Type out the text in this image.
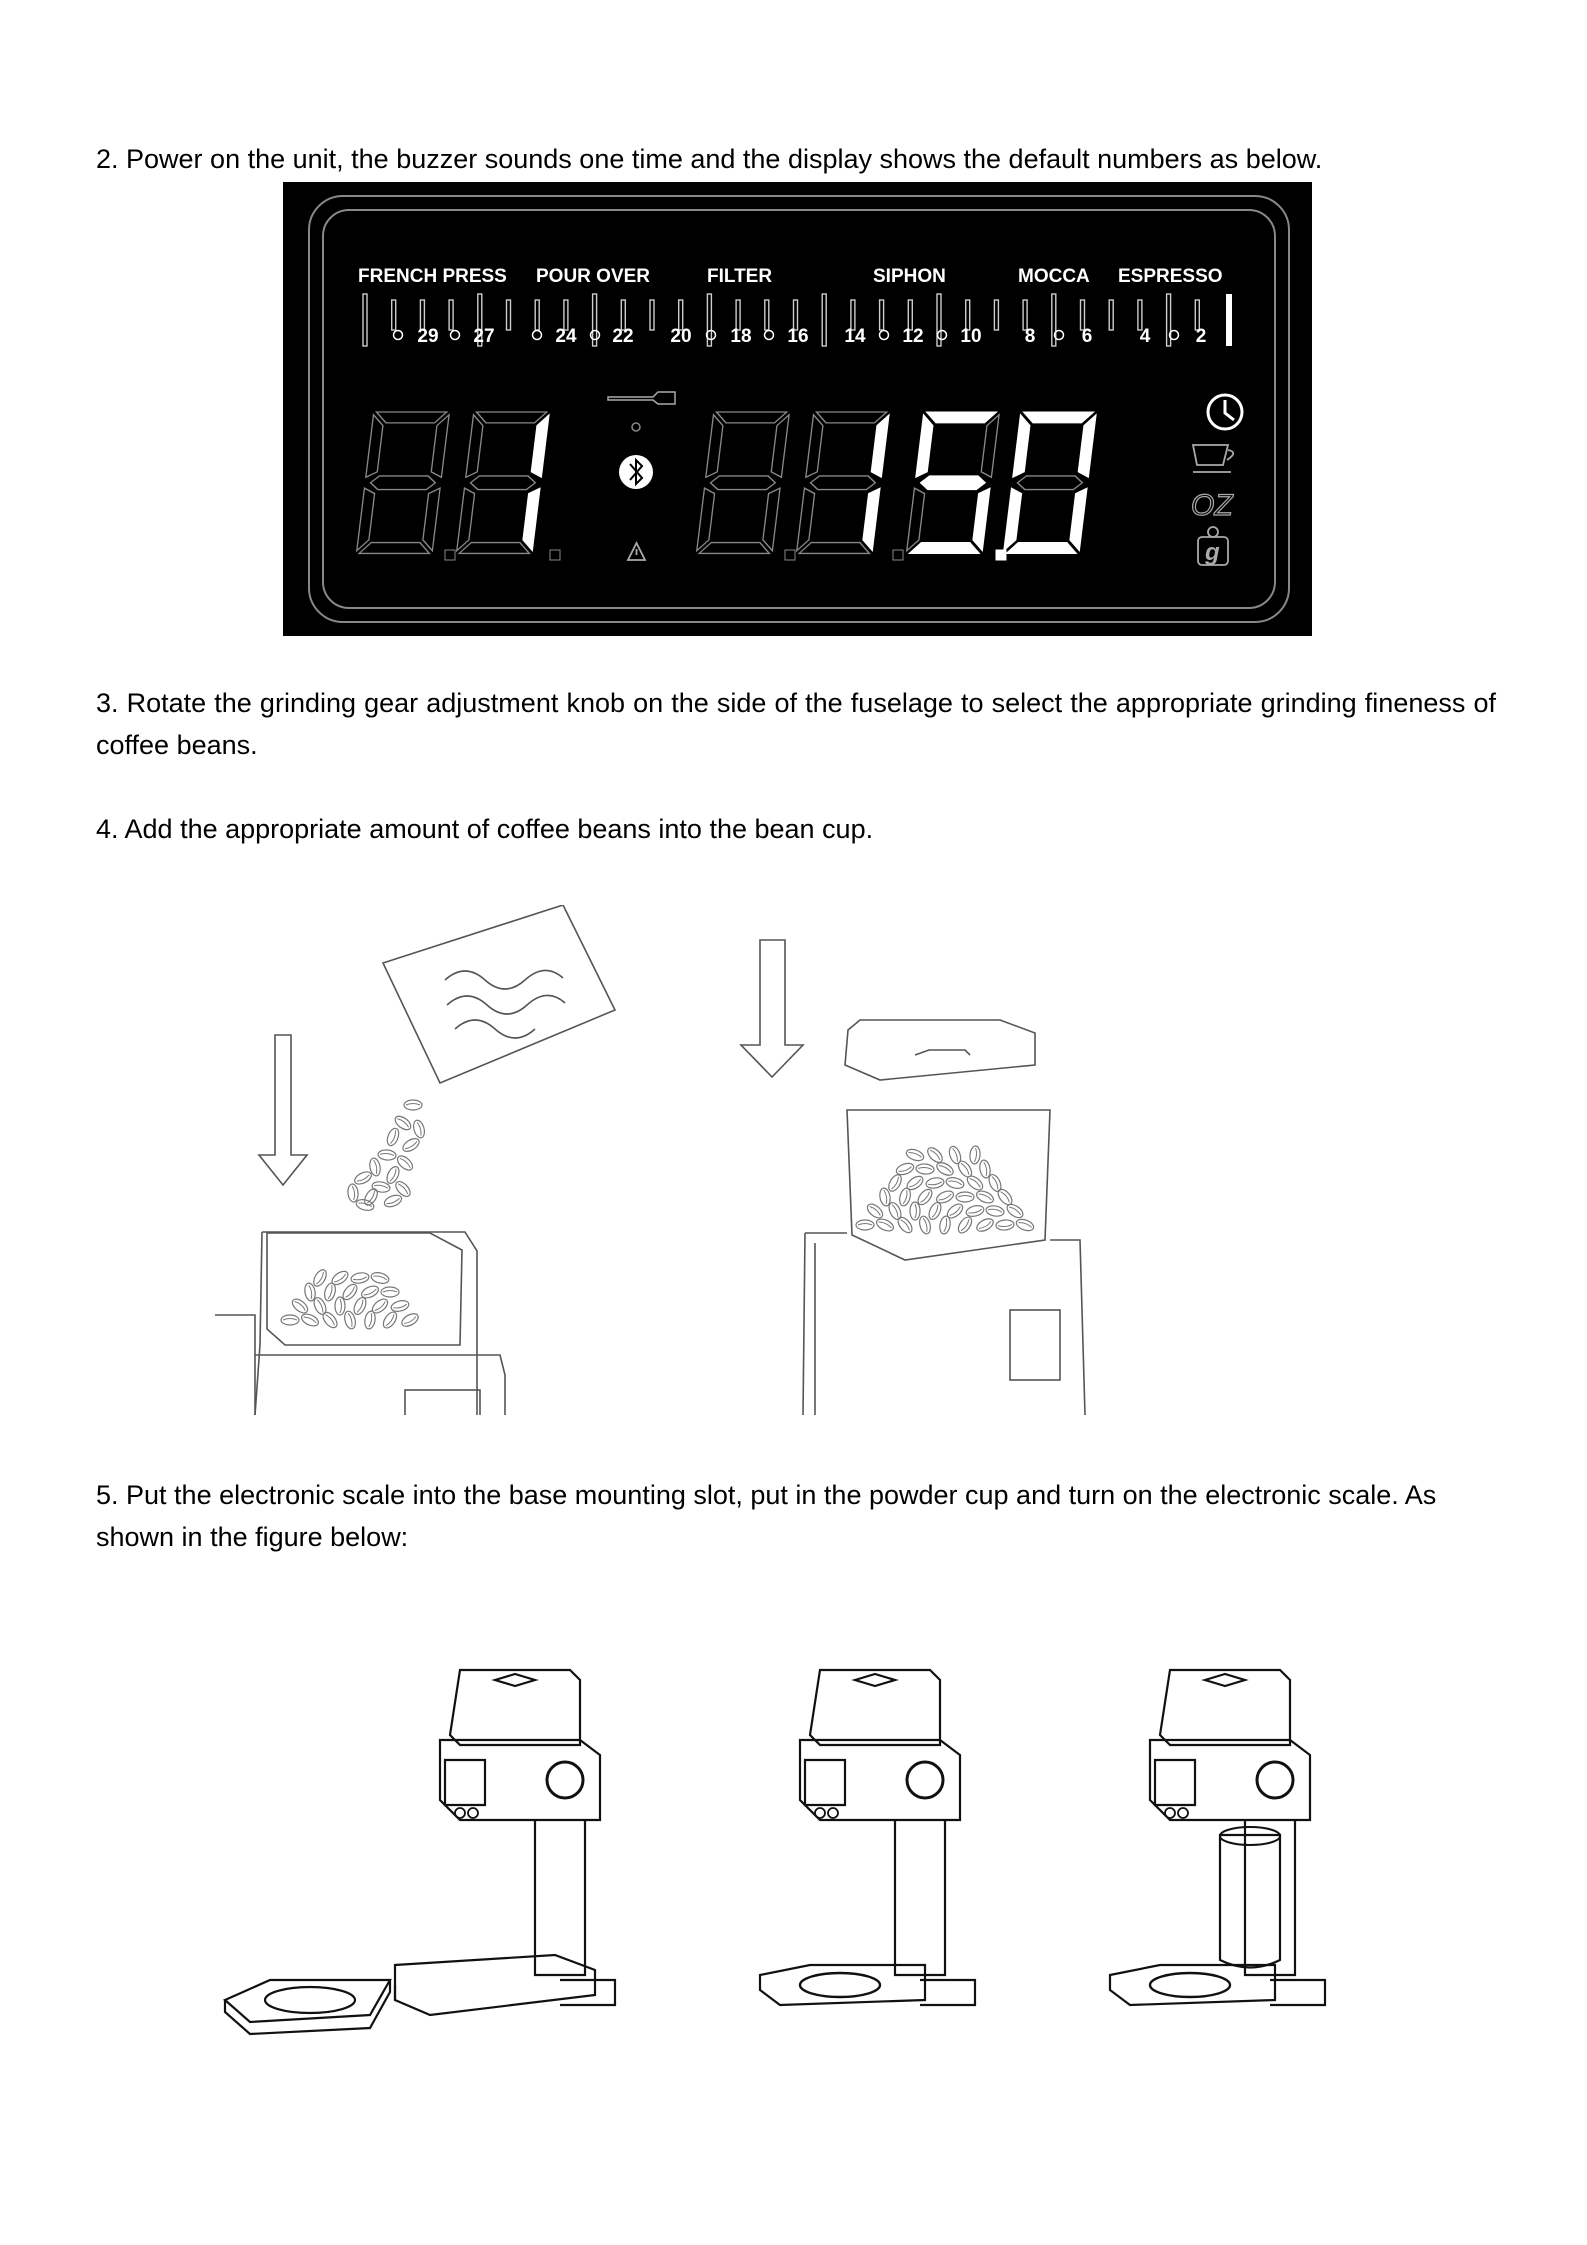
2. Power on the unit, the buzzer sounds one time and the display shows the default numbers as below.

FRENCH PRESS POUR OVER	FILTER	SIPHON	MOCCA ESPRESSO
29 27	24 22 20 18 16 14 12 10 8 6 4 2
OZ
g

3. Rotate the grinding gear adjustment knob on the side of the fuselage to select the appropriate grinding fineness of coffee beans.

4. Add the appropriate amount of coffee beans into the bean cup.

5. Put the electronic scale into the base mounting slot, put in the powder cup and turn on the electronic scale. As shown in the figure below:
